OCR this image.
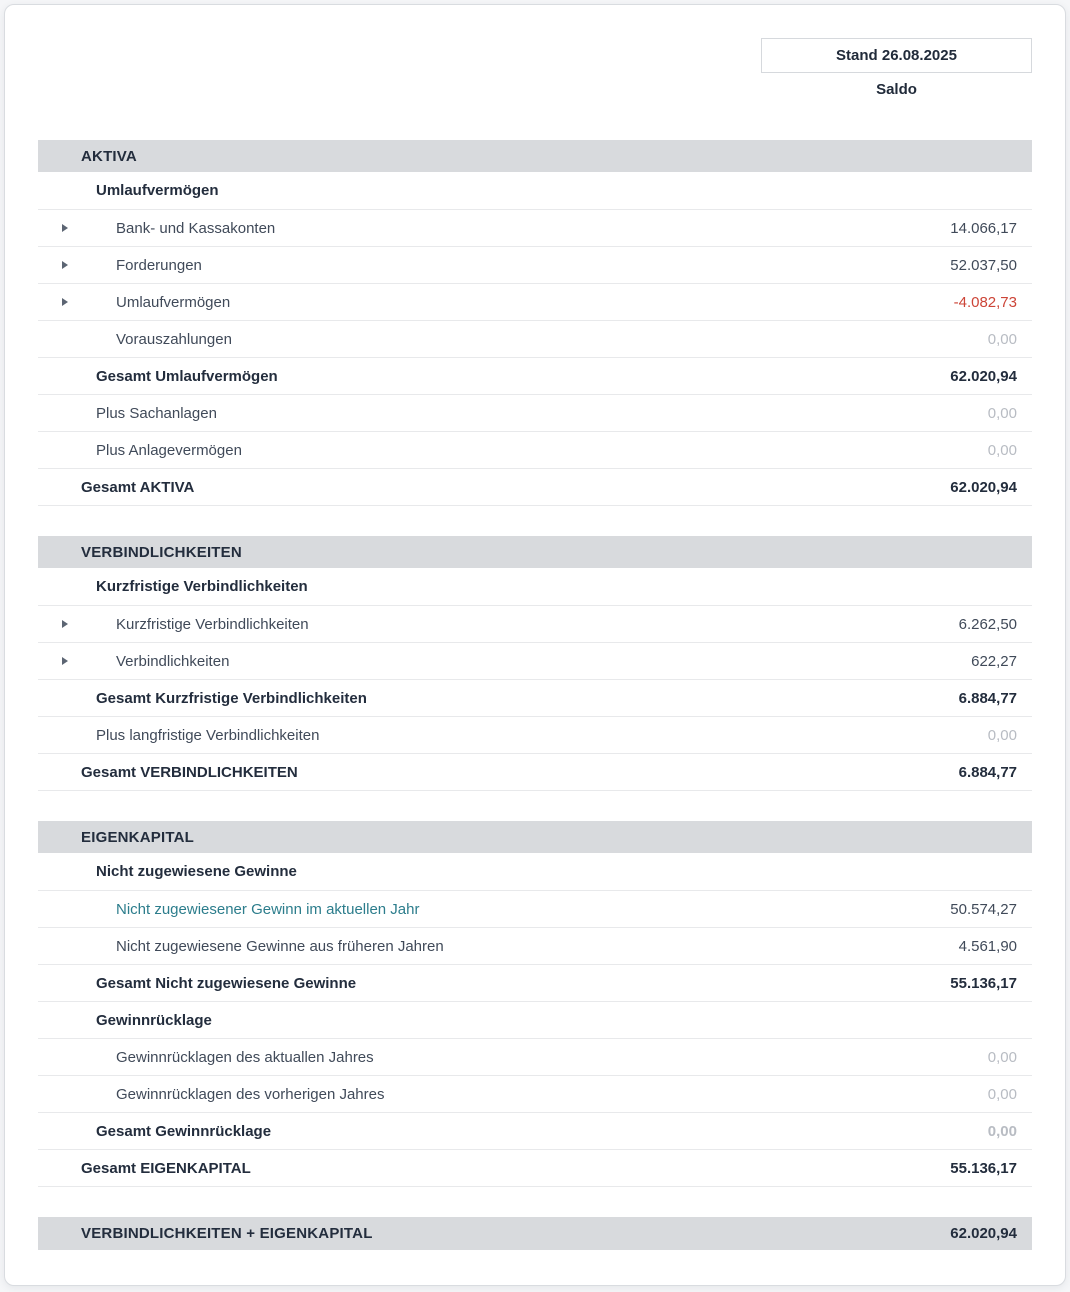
Stand 26.08.2025
Saldo
AKTIVA
Umlaufvermögen
Bank- und Kassakonten	14.066,17
Forderungen	52.037,50
Umlaufvermögen	-4.082,73
Vorauszahlungen	0,00
Gesamt Umlaufvermögen	62.020,94
Plus Sachanlagen	0,00
Plus Anlagevermögen	0,00
Gesamt AKTIVA	62.020,94
VERBINDLICHKEITEN
Kurzfristige Verbindlichkeiten
Kurzfristige Verbindlichkeiten	6.262,50
Verbindlichkeiten	622,27
Gesamt Kurzfristige Verbindlichkeiten	6.884,77
Plus langfristige Verbindlichkeiten	0,00
Gesamt VERBINDLICHKEITEN	6.884,77
EIGENKAPITAL
Nicht zugewiesene Gewinne
Nicht zugewiesener Gewinn im aktuellen Jahr	50.574,27
Nicht zugewiesene Gewinne aus früheren Jahren	4.561,90
Gesamt Nicht zugewiesene Gewinne	55.136,17
Gewinnrücklage
Gewinnrücklagen des aktuallen Jahres	0,00
Gewinnrücklagen des vorherigen Jahres	0,00
Gesamt Gewinnrücklage	0,00
Gesamt EIGENKAPITAL	55.136,17
VERBINDLICHKEITEN + EIGENKAPITAL	62.020,94
